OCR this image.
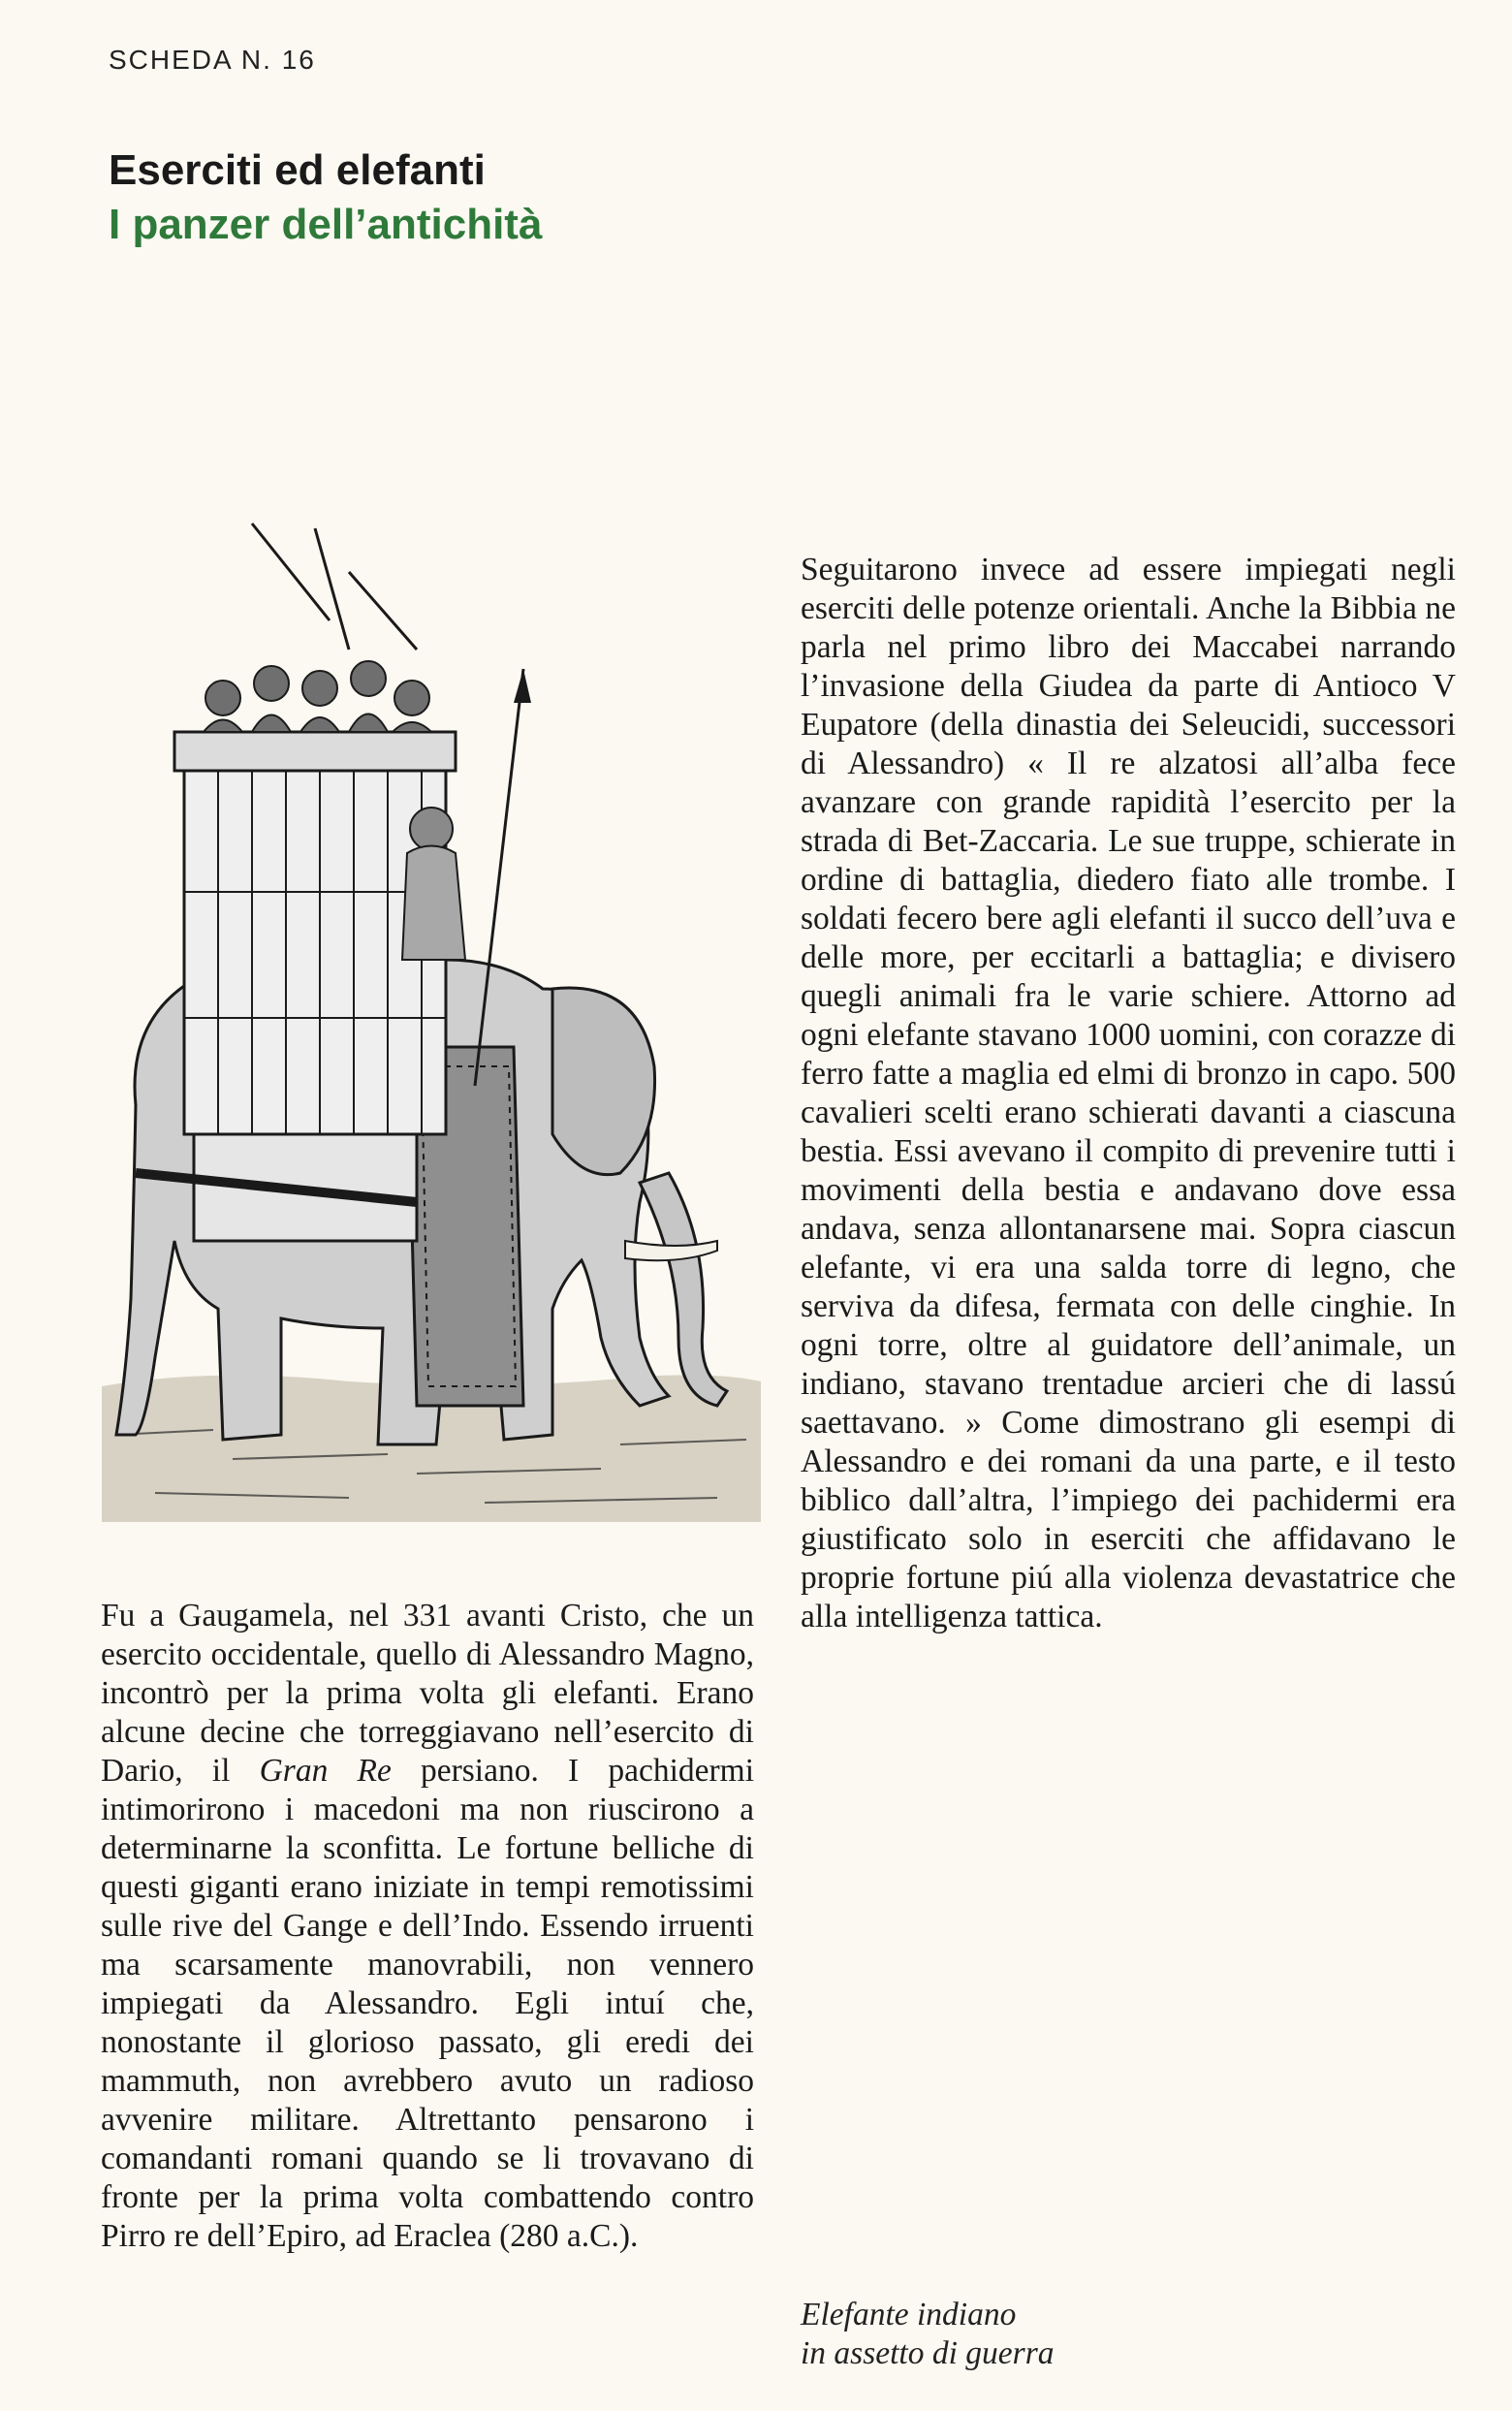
SCHEDA N. 16
Eserciti ed elefanti
I panzer dell’antichità
Fu a Gaugamela, nel 331 avanti Cristo, che un esercito occidentale, quello di Alessandro Magno, incontrò per la prima volta gli elefanti. Erano alcune decine che torreggiavano nell’esercito di Dario, il Gran Re persiano. I pachidermi intimorirono i macedoni ma non riuscirono a determinarne la sconfitta. Le fortune belliche di questi giganti erano iniziate in tempi remotissimi sulle rive del Gange e dell’Indo. Essendo irruenti ma scarsamente manovrabili, non vennero impiegati da Alessandro. Egli intuí che, nonostante il glorioso passato, gli eredi dei mammuth, non avrebbero avuto un radioso avvenire militare. Altrettanto pensarono i comandanti romani quando se li trovavano di fronte per la prima volta combattendo contro Pirro re dell’Epiro, ad Eraclea (280 a.C.).
Seguitarono invece ad essere impiegati negli eserciti delle potenze orientali. Anche la Bibbia ne parla nel primo libro dei Maccabei narrando l’invasione della Giudea da parte di Antioco V Eupatore (della dinastia dei Seleucidi, successori di Alessandro) « Il re alzatosi all’alba fece avanzare con grande rapidità l’esercito per la strada di Bet-Zaccaria. Le sue truppe, schierate in ordine di battaglia, diedero fiato alle trombe. I soldati fecero bere agli elefanti il succo dell’uva e delle more, per eccitarli a battaglia; e divisero quegli animali fra le varie schiere. Attorno ad ogni elefante stavano 1000 uomini, con corazze di ferro fatte a maglia ed elmi di bronzo in capo. 500 cavalieri scelti erano schierati davanti a ciascuna bestia. Essi avevano il compito di prevenire tutti i movimenti della bestia e andavano dove essa andava, senza allontanarsene mai. Sopra ciascun elefante, vi era una salda torre di legno, che serviva da difesa, fermata con delle cinghie. In ogni torre, oltre al guidatore dell’animale, un indiano, stavano trentadue arcieri che di lassú saettavano. » Come dimostrano gli esempi di Alessandro e dei romani da una parte, e il testo biblico dall’altra, l’impiego dei pachidermi era giustificato solo in eserciti che affidavano le proprie fortune piú alla violenza devastatrice che alla intelligenza tattica.
Elefante indiano
in assetto di guerra
